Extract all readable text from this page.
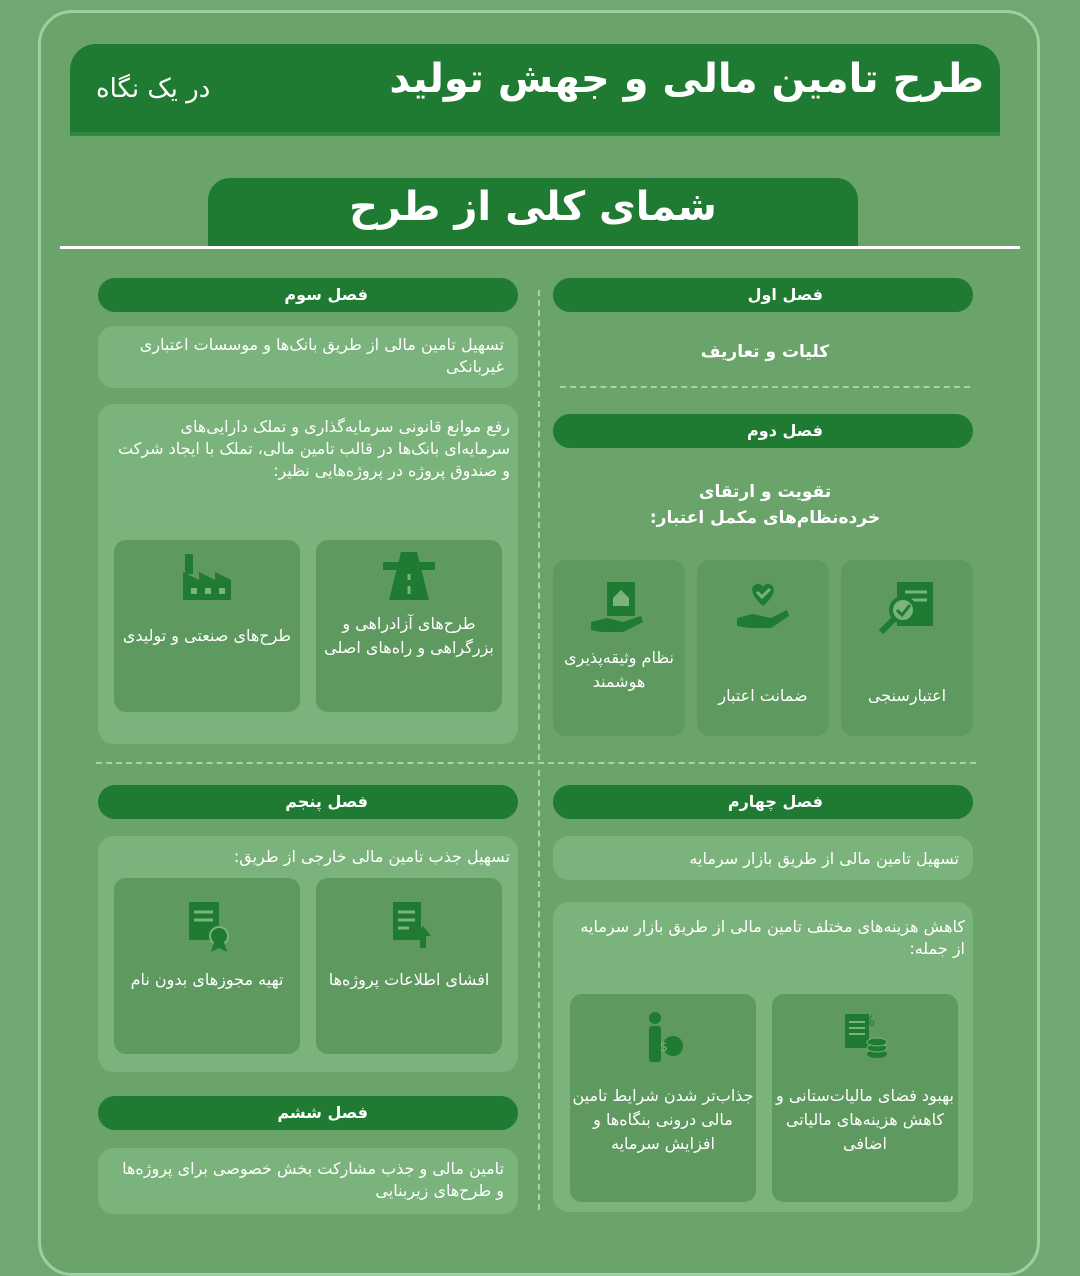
طرح تامین مالی و جهش تولید
در یک نگاه
شمای کلی از طرح
فصل اول
کلیات و تعاریف
فصل دوم
تقویت و ارتقای
خرده‌نظام‌های مکمل اعتبار:
اعتبارسنجی
ضمانت اعتبار
نظام وثیقه‌پذیری هوشمند
فصل سوم
تسهیل تامین مالی از طریق بانک‌ها و موسسات اعتباری غیربانکی
رفع موانع قانونی سرمایه‌گذاری و تملک دارایی‌های سرمایه‌ای بانک‌ها در قالب تامین مالی، تملک با ایجاد شرکت و صندوق پروژه در پروژه‌هایی نظیر:
طرح‌های آزادراهی و بزرگراهی و راه‌های اصلی
طرح‌های صنعتی و تولیدی
فصل چهارم
تسهیل تامین مالی از طریق بازار سرمایه
کاهش هزینه‌های مختلف تامین مالی از طریق بازار سرمایه از جمله:
%
بهبود فضای مالیات‌ستانی و کاهش هزینه‌های مالیاتی اضافی
$
جذاب‌تر شدن شرایط تامین مالی درونی بنگاه‌ها و افزایش سرمایه
فصل پنجم
تسهیل جذب تامین مالی خارجی از طریق:
افشای اطلاعات پروژه‌ها
تهیه مجوزهای بدون نام
فصل ششم
تامین مالی و جذب مشارکت بخش خصوصی برای پروژه‌ها و طرح‌های زیربنایی
